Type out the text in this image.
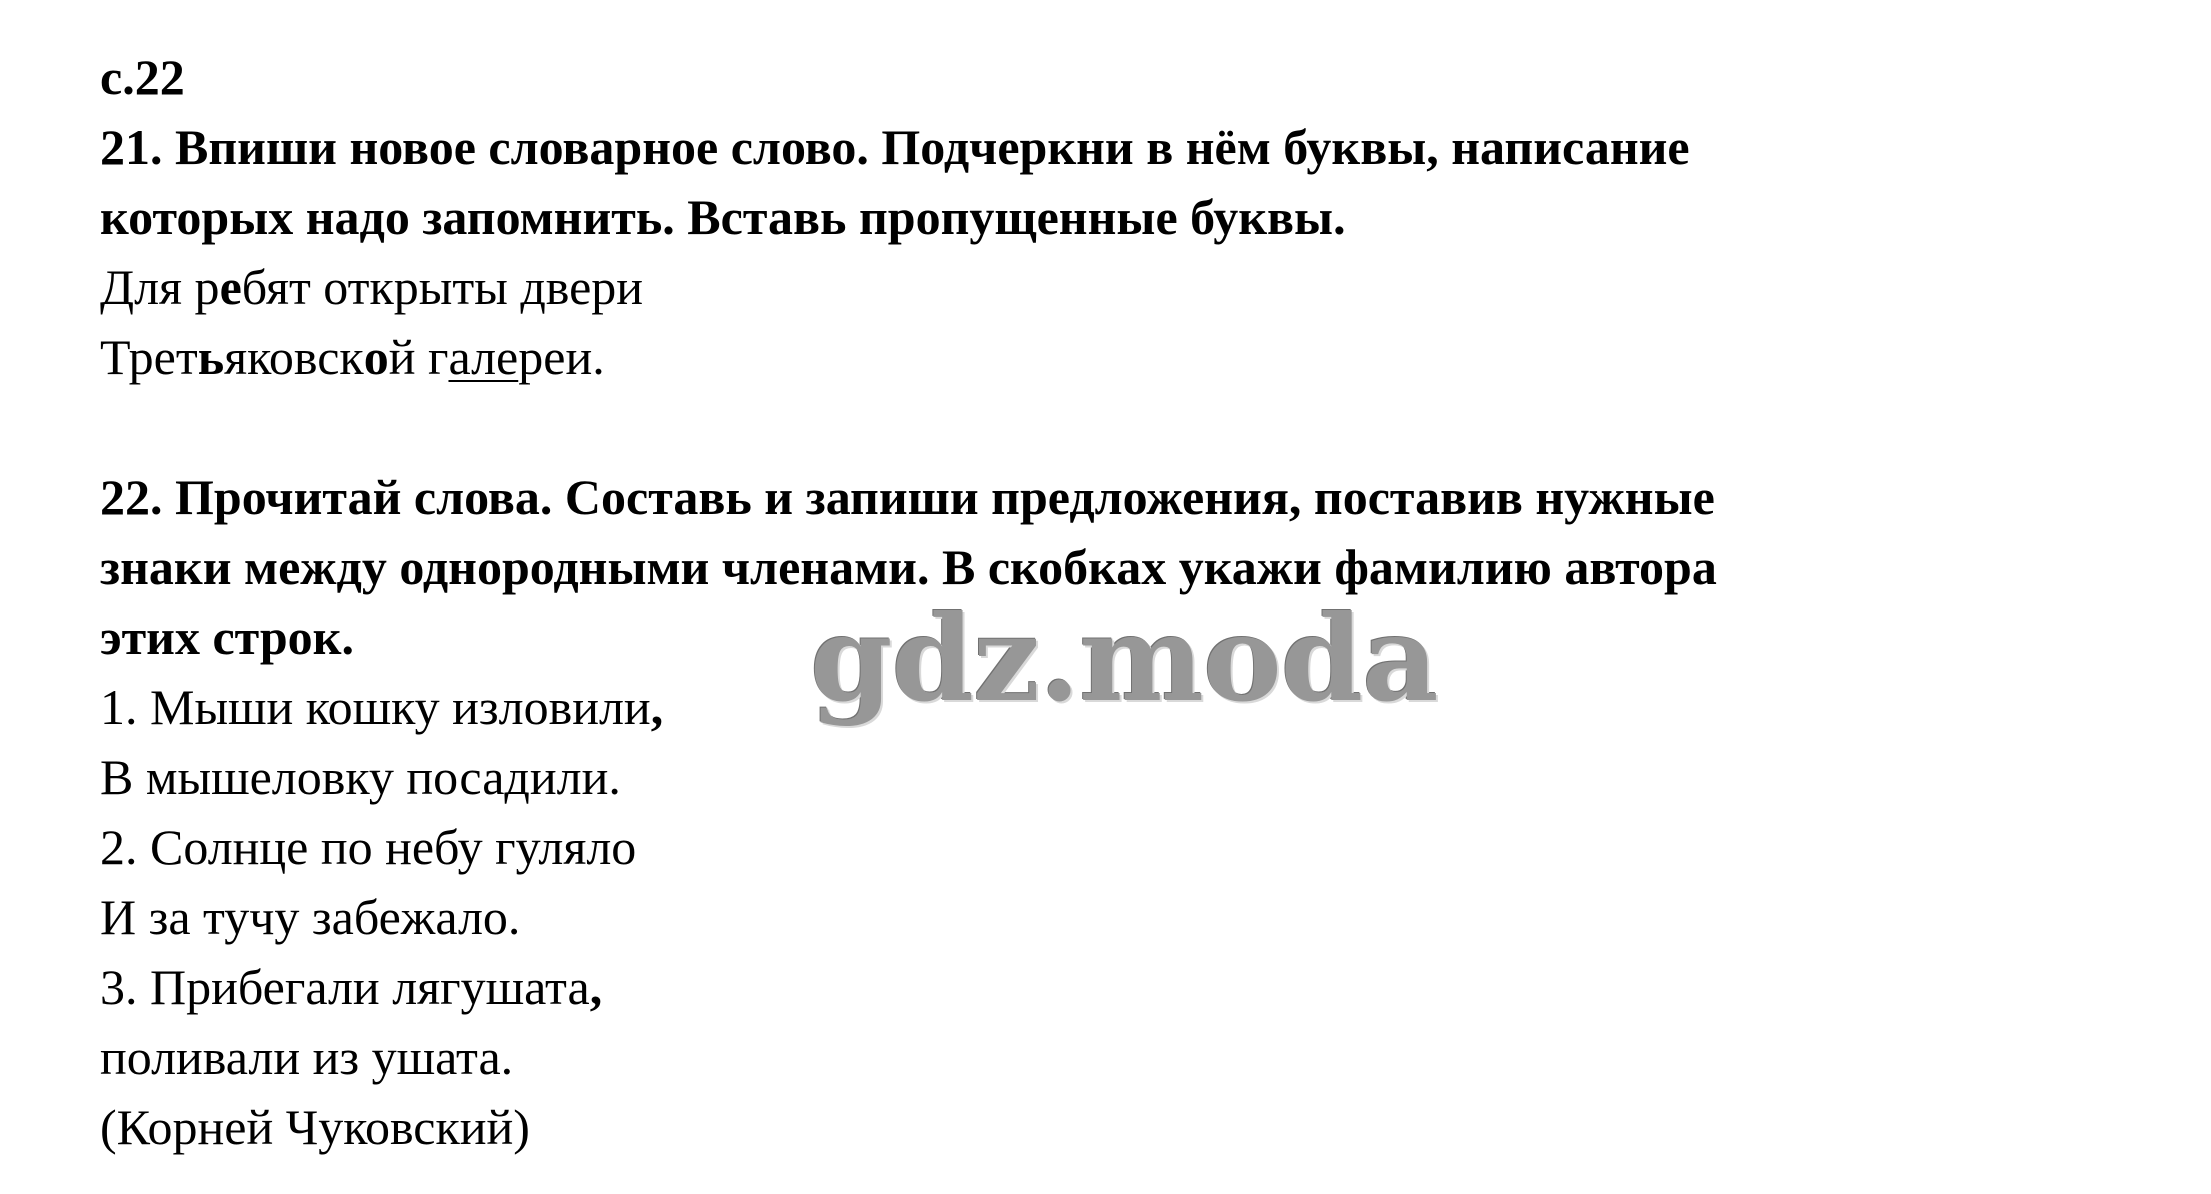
с.22
21. Впиши новое словарное слово. Подчеркни в нём буквы, написание
которых надо запомнить. Вставь пропущенные буквы.
Для ребят открыты двери
Третьяковской галереи.
22. Прочитай слова. Составь и запиши предложения, поставив нужные
знаки между однородными членами. В скобках укажи фамилию автора
этих строк.
1. Мыши кошку изловили,
В мышеловку посадили.
2. Солнце по небу гуляло
И за тучу забежало.
3. Прибегали лягушата,
поливали из ушата.
(Корней Чуковский)
gdz.moda
